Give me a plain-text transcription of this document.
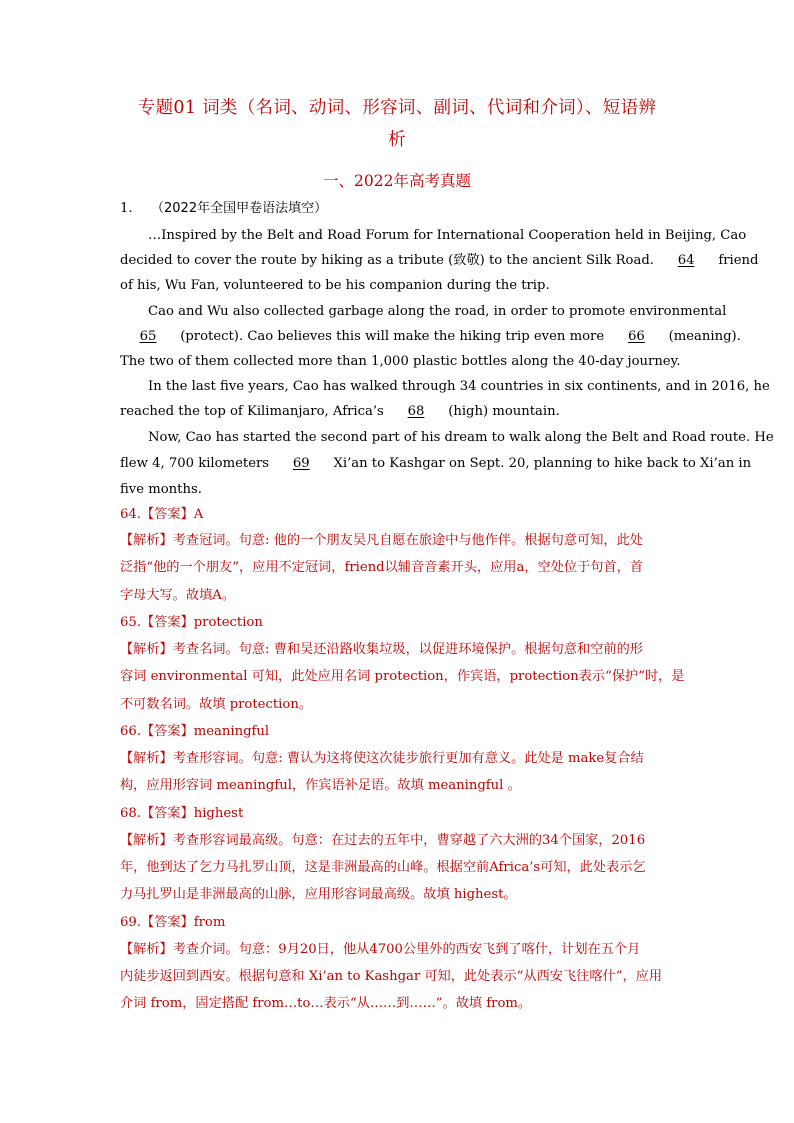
专题01 词类（名词、动词、形容词、副词、代词和介词）、短语辨
析
一、2022年高考真题
1. （2022年全国甲卷语法填空）
…Inspired by the Belt and Road Forum for International Cooperation held in Beijing, Cao
decided to cover the route by hiking as a tribute (致敬) to the ancient Silk Road. 64 friend
of his, Wu Fan, volunteered to be his companion during the trip.
Cao and Wu also collected garbage along the road, in order to promote environmental
65 (protect). Cao believes this will make the hiking trip even more 66 (meaning).
The two of them collected more than 1,000 plastic bottles along the 40-day journey.
In the last five years, Cao has walked through 34 countries in six continents, and in 2016, he
reached the top of Kilimanjaro, Africa’s 68 (high) mountain.
Now, Cao has started the second part of his dream to walk along the Belt and Road route. He
flew 4, 700 kilometers 69 Xi’an to Kashgar on Sept. 20, planning to hike back to Xi’an in
five months.
64.【答案】A
【解析】考查冠词。句意: 他的一个朋友吴凡自愿在旅途中与他作伴。根据句意可知，此处
泛指“他的一个朋友”，应用不定冠词，friend以辅音音素开头，应用a，空处位于句首，首
字母大写。故填A。
65.【答案】protection
【解析】考查名词。句意: 曹和吴还沿路收集垃圾，以促进环境保护。根据句意和空前的形
容词 environmental 可知，此处应用名词 protection，作宾语，protection表示“保护”时，是
不可数名词。故填 protection。
66.【答案】meaningful
【解析】考查形容词。句意: 曹认为这将使这次徒步旅行更加有意义。此处是 make复合结
构，应用形容词 meaningful，作宾语补足语。故填 meaningful 。
68.【答案】highest
【解析】考查形容词最高级。句意：在过去的五年中，曹穿越了六大洲的34个国家，2016
年，他到达了乞力马扎罗山顶，这是非洲最高的山峰。根据空前Africa’s可知，此处表示乞
力马扎罗山是非洲最高的山脉，应用形容词最高级。故填 highest。
69.【答案】from
【解析】考查介词。句意：9月20日，他从4700公里外的西安飞到了喀什，计划在五个月
内徒步返回到西安。根据句意和 Xi’an to Kashgar 可知，此处表示“从西安飞往喀什”，应用
介词 from，固定搭配 from…to…表示“从……到……”。故填 from。
